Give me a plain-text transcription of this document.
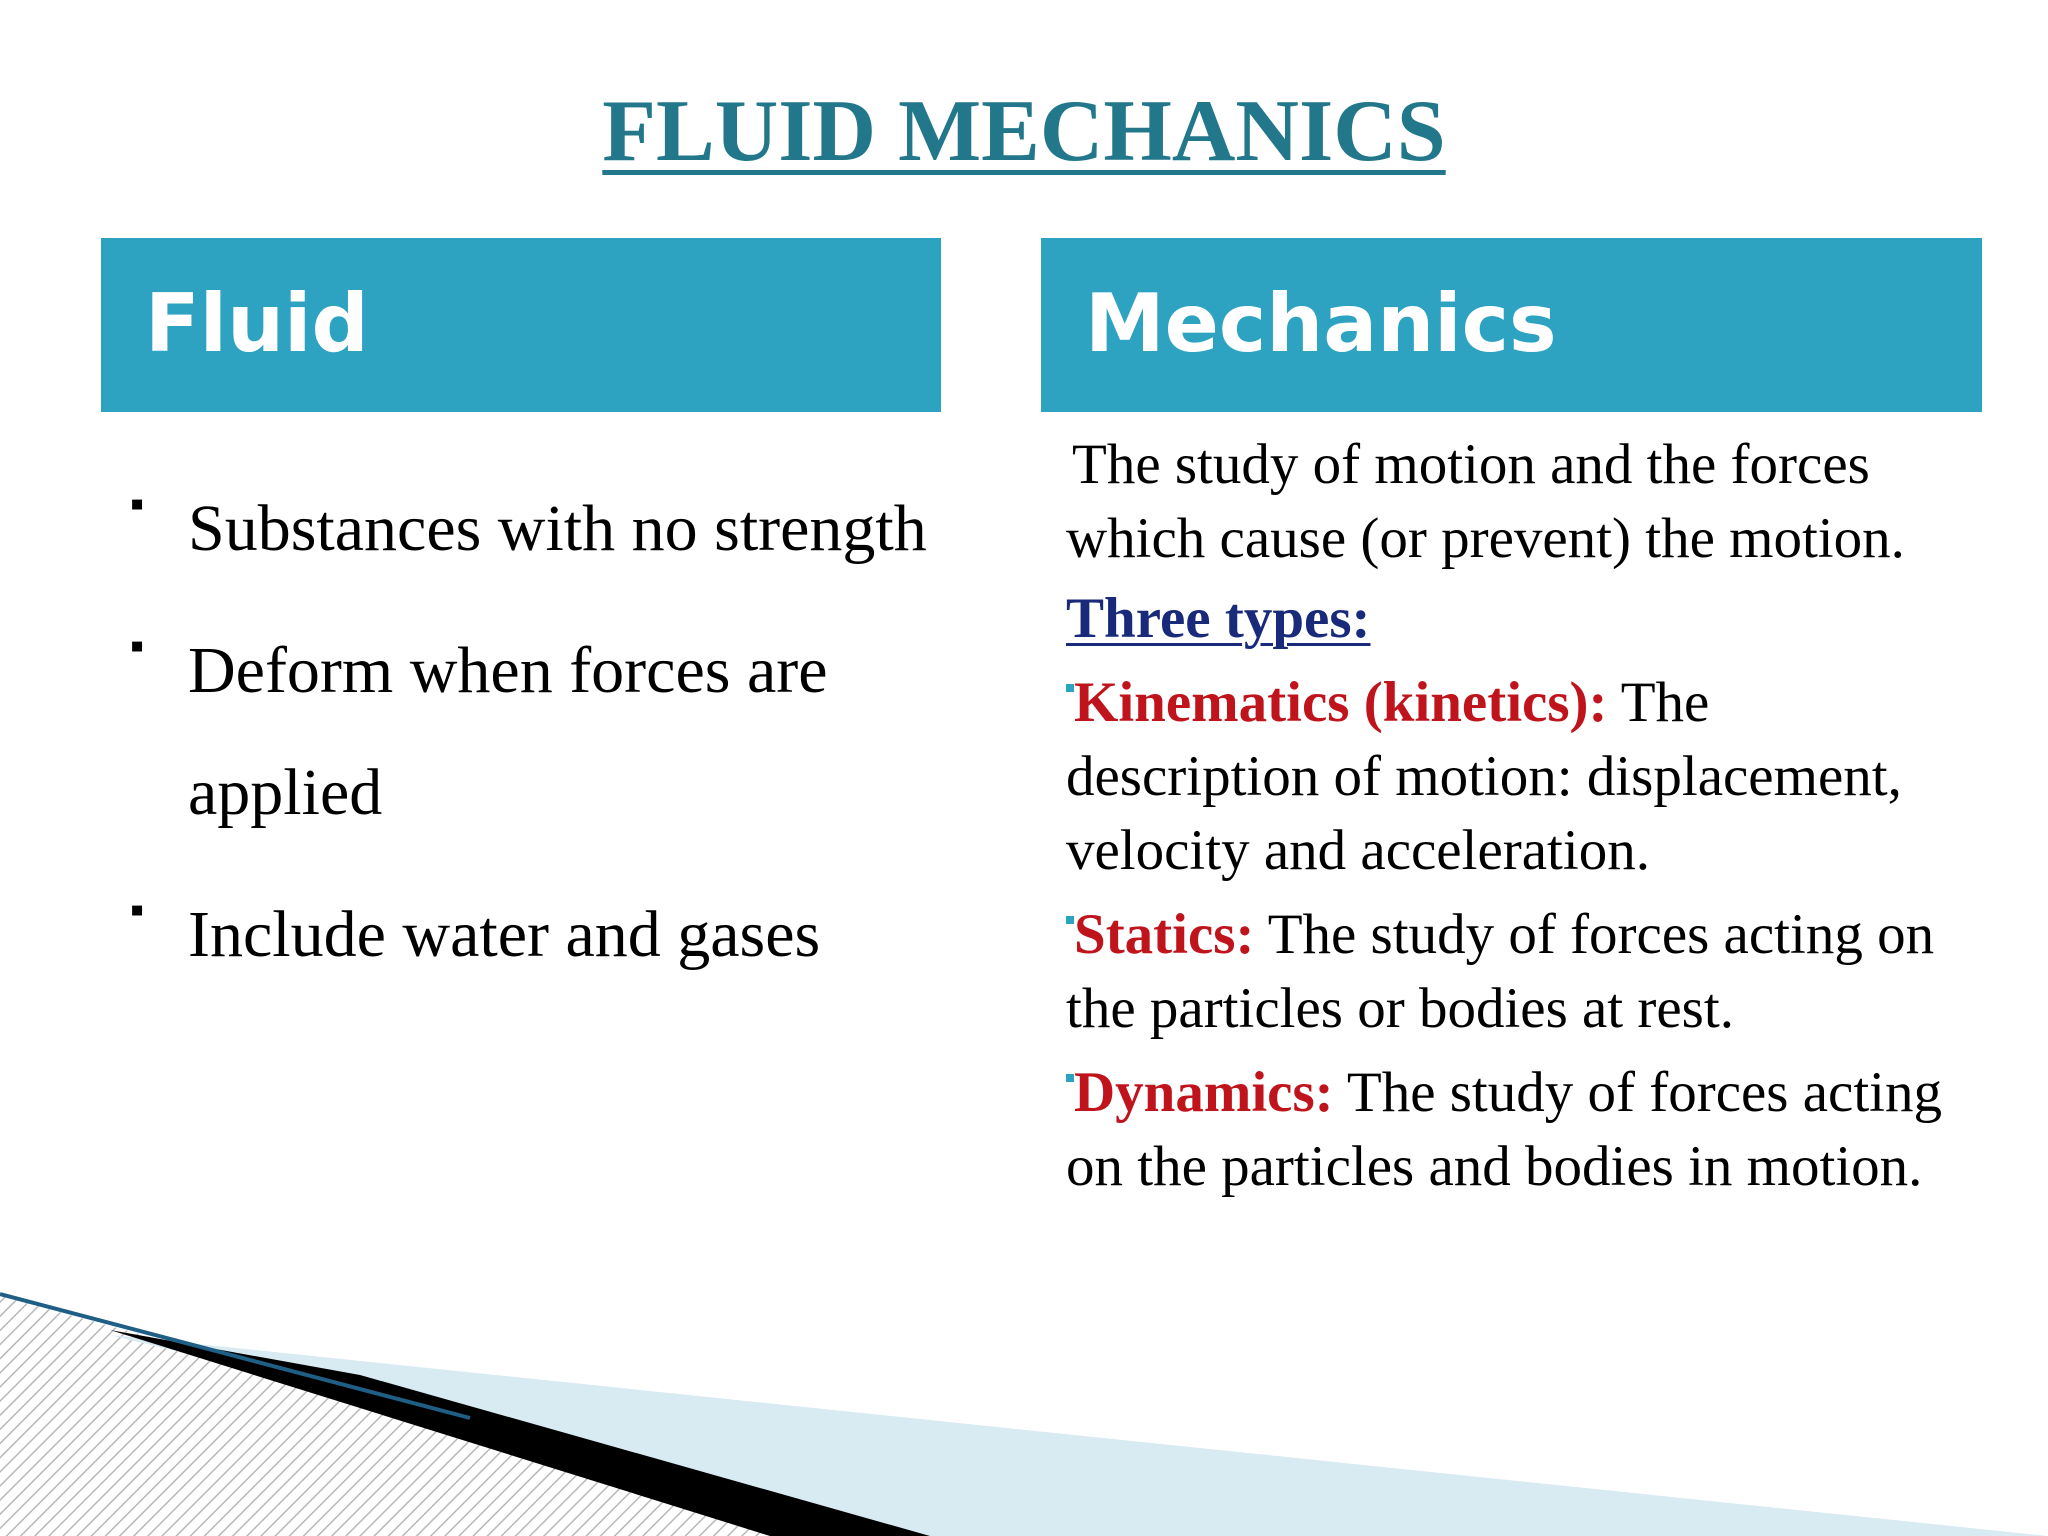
FLUID MECHANICS
Fluid	Mechanics
▪ Substances with no strength
▪ Deform when forces are applied
▪ Include water and gases

The study of motion and the forces which cause (or prevent) the motion.

Three types:

Kinematics (kinetics): The description of motion: displacement, velocity and acceleration.

Statics: The study of forces acting on the particles or bodies at rest.

Dynamics: The study of forces acting on the particles and bodies in motion.
